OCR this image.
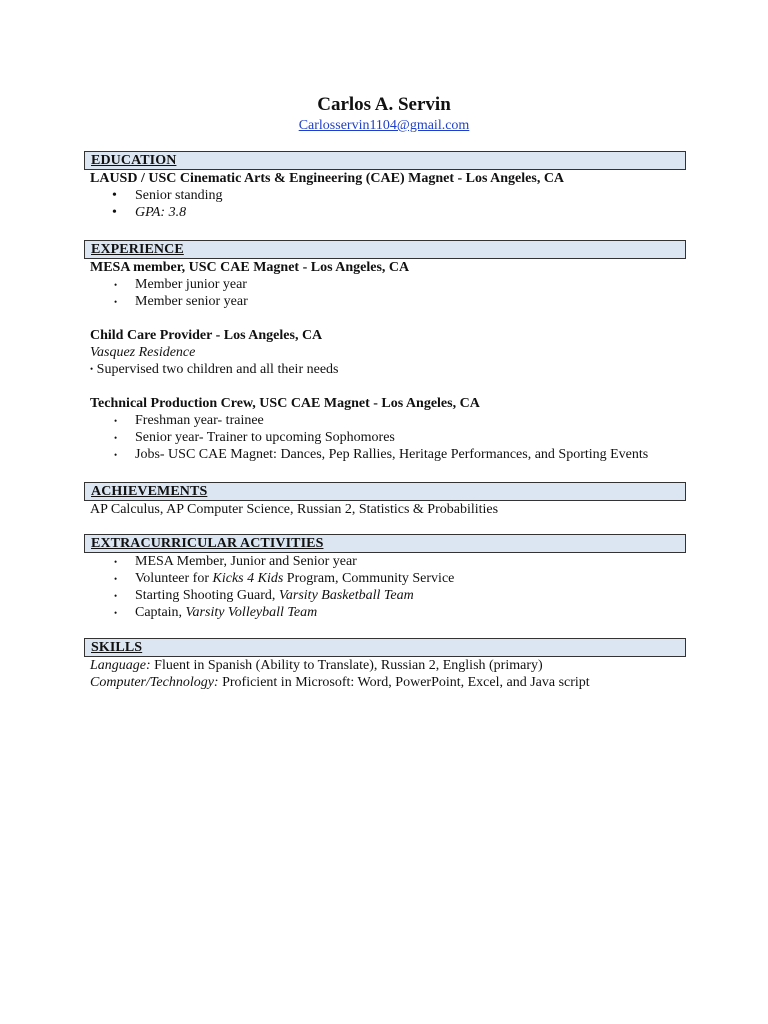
Carlos A. Servin
Carlosservin1104@gmail.com
EDUCATION
LAUSD / USC Cinematic Arts & Engineering (CAE) Magnet - Los Angeles, CA
• Senior standing
• GPA: 3.8
EXPERIENCE
MESA member, USC CAE Magnet - Los Angeles, CA
• Member junior year
• Member senior year
Child Care Provider - Los Angeles, CA
Vasquez Residence
• Supervised two children and all their needs
Technical Production Crew, USC CAE Magnet - Los Angeles, CA
• Freshman year- trainee
• Senior year- Trainer to upcoming Sophomores
• Jobs- USC CAE Magnet: Dances, Pep Rallies, Heritage Performances, and Sporting Events
ACHIEVEMENTS
AP Calculus, AP Computer Science, Russian 2, Statistics & Probabilities
EXTRACURRICULAR ACTIVITIES
• MESA Member, Junior and Senior year
• Volunteer for Kicks 4 Kids Program, Community Service
• Starting Shooting Guard, Varsity Basketball Team
• Captain, Varsity Volleyball Team
SKILLS
Language: Fluent in Spanish (Ability to Translate), Russian 2, English (primary)
Computer/Technology: Proficient in Microsoft: Word, PowerPoint, Excel, and Java script
